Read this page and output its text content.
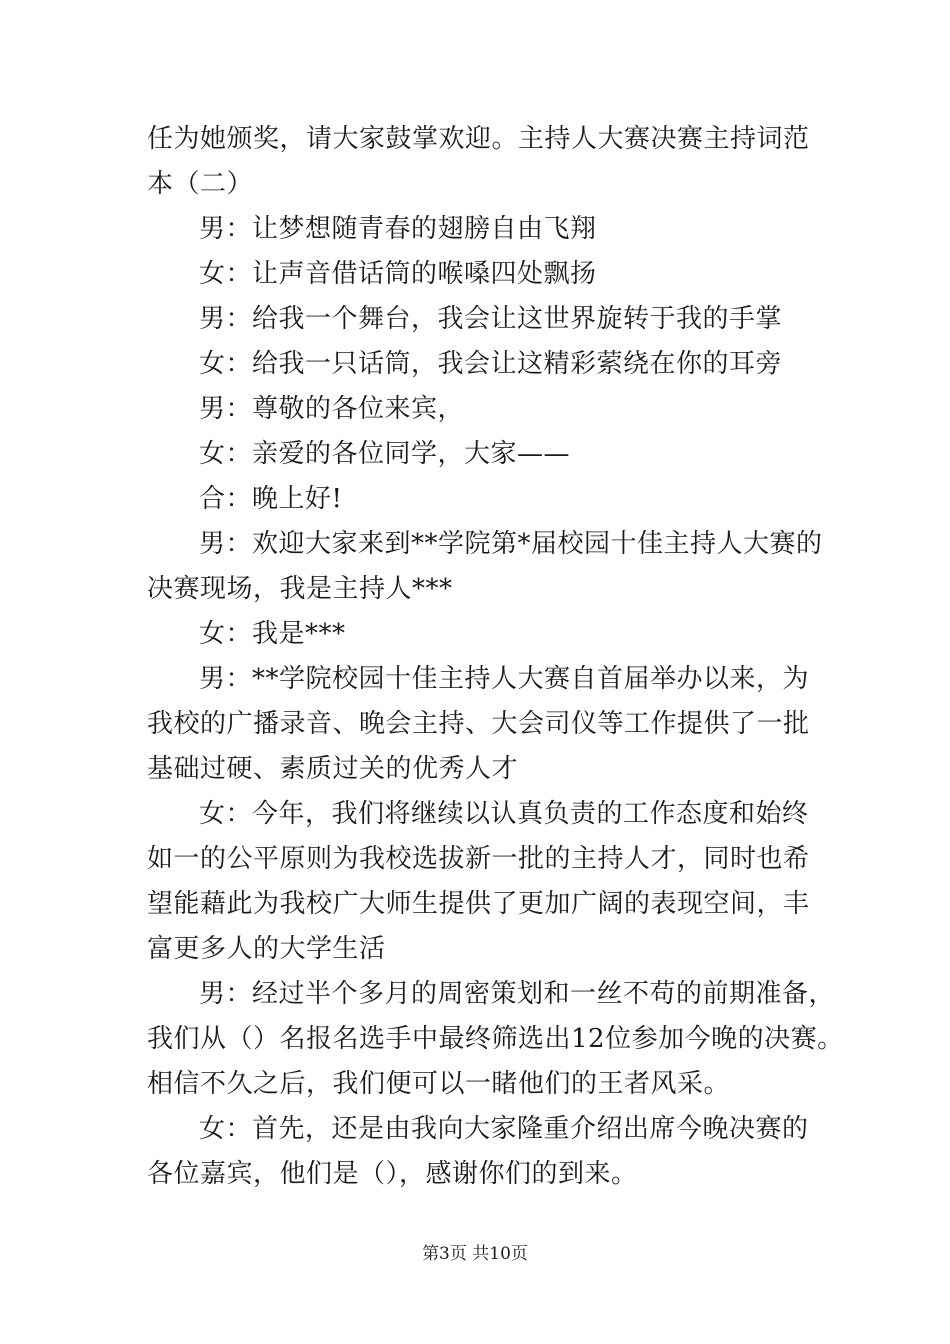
任为她颁奖，请大家鼓掌欢迎。主持人大赛决赛主持词范
本（二）
男：让梦想随青春的翅膀自由飞翔
女：让声音借话筒的喉嗓四处飘扬
男：给我一个舞台，我会让这世界旋转于我的手掌
女：给我一只话筒，我会让这精彩萦绕在你的耳旁
男：尊敬的各位来宾，
女：亲爱的各位同学，大家——
合：晚上好!
男：欢迎大家来到**学院第*届校园十佳主持人大赛的
决赛现场，我是主持人***
女：我是***
男：**学院校园十佳主持人大赛自首届举办以来，为
我校的广播录音、晚会主持、大会司仪等工作提供了一批
基础过硬、素质过关的优秀人才
女：今年，我们将继续以认真负责的工作态度和始终
如一的公平原则为我校选拔新一批的主持人才，同时也希
望能藉此为我校广大师生提供了更加广阔的表现空间，丰
富更多人的大学生活
男：经过半个多月的周密策划和一丝不苟的前期准备，
我们从（）名报名选手中最终筛选出12位参加今晚的决赛。
相信不久之后，我们便可以一睹他们的王者风采。
女：首先，还是由我向大家隆重介绍出席今晚决赛的
各位嘉宾，他们是（），感谢你们的到来。
第3页 共10页
